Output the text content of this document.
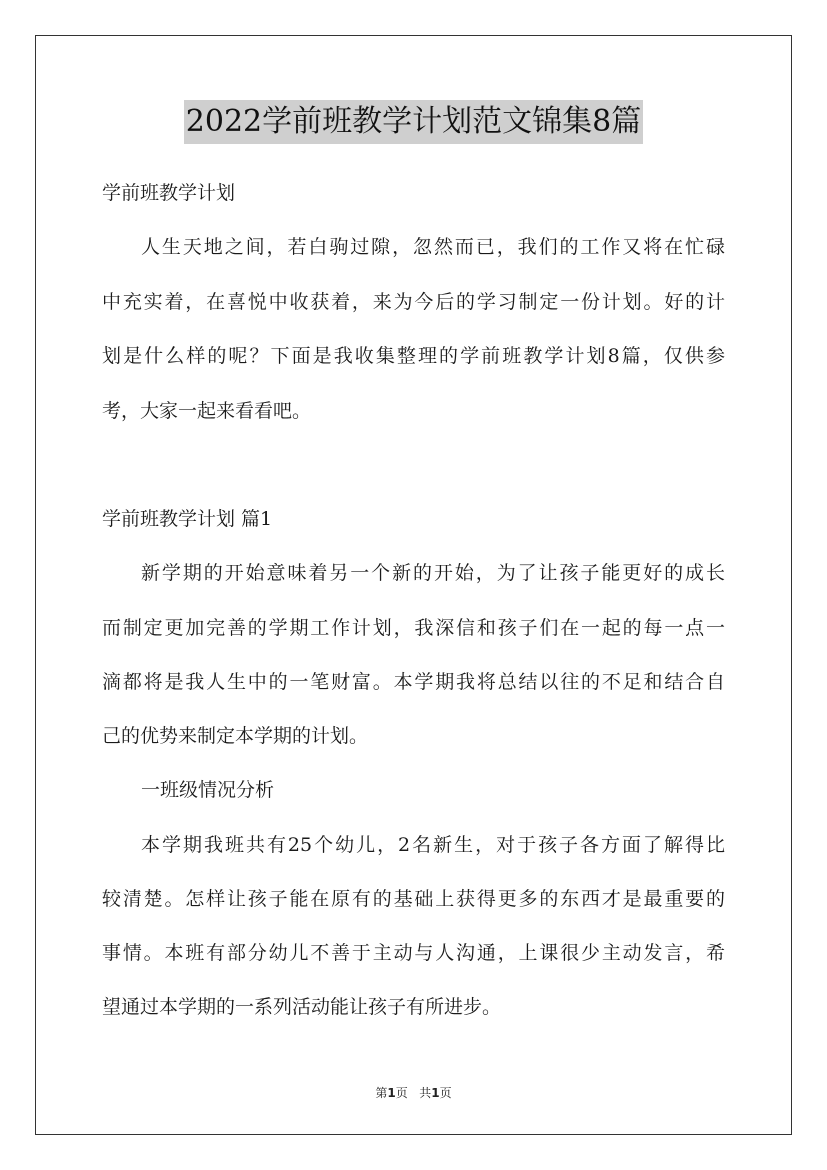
2022学前班教学计划范文锦集8篇
学前班教学计划
人生天地之间，若白驹过隙，忽然而已，我们的工作又将在忙碌
中充实着，在喜悦中收获着，来为今后的学习制定一份计划。好的计
划是什么样的呢？下面是我收集整理的学前班教学计划8篇，仅供参
考，大家一起来看看吧。
学前班教学计划 篇1
新学期的开始意味着另一个新的开始，为了让孩子能更好的成长
而制定更加完善的学期工作计划，我深信和孩子们在一起的每一点一
滴都将是我人生中的一笔财富。本学期我将总结以往的不足和结合自
己的优势来制定本学期的计划。
一班级情况分析
本学期我班共有25个幼儿，2名新生，对于孩子各方面了解得比
较清楚。怎样让孩子能在原有的基础上获得更多的东西才是最重要的
事情。本班有部分幼儿不善于主动与人沟通，上课很少主动发言，希
望通过本学期的一系列活动能让孩子有所进步。
第1页 共1页
